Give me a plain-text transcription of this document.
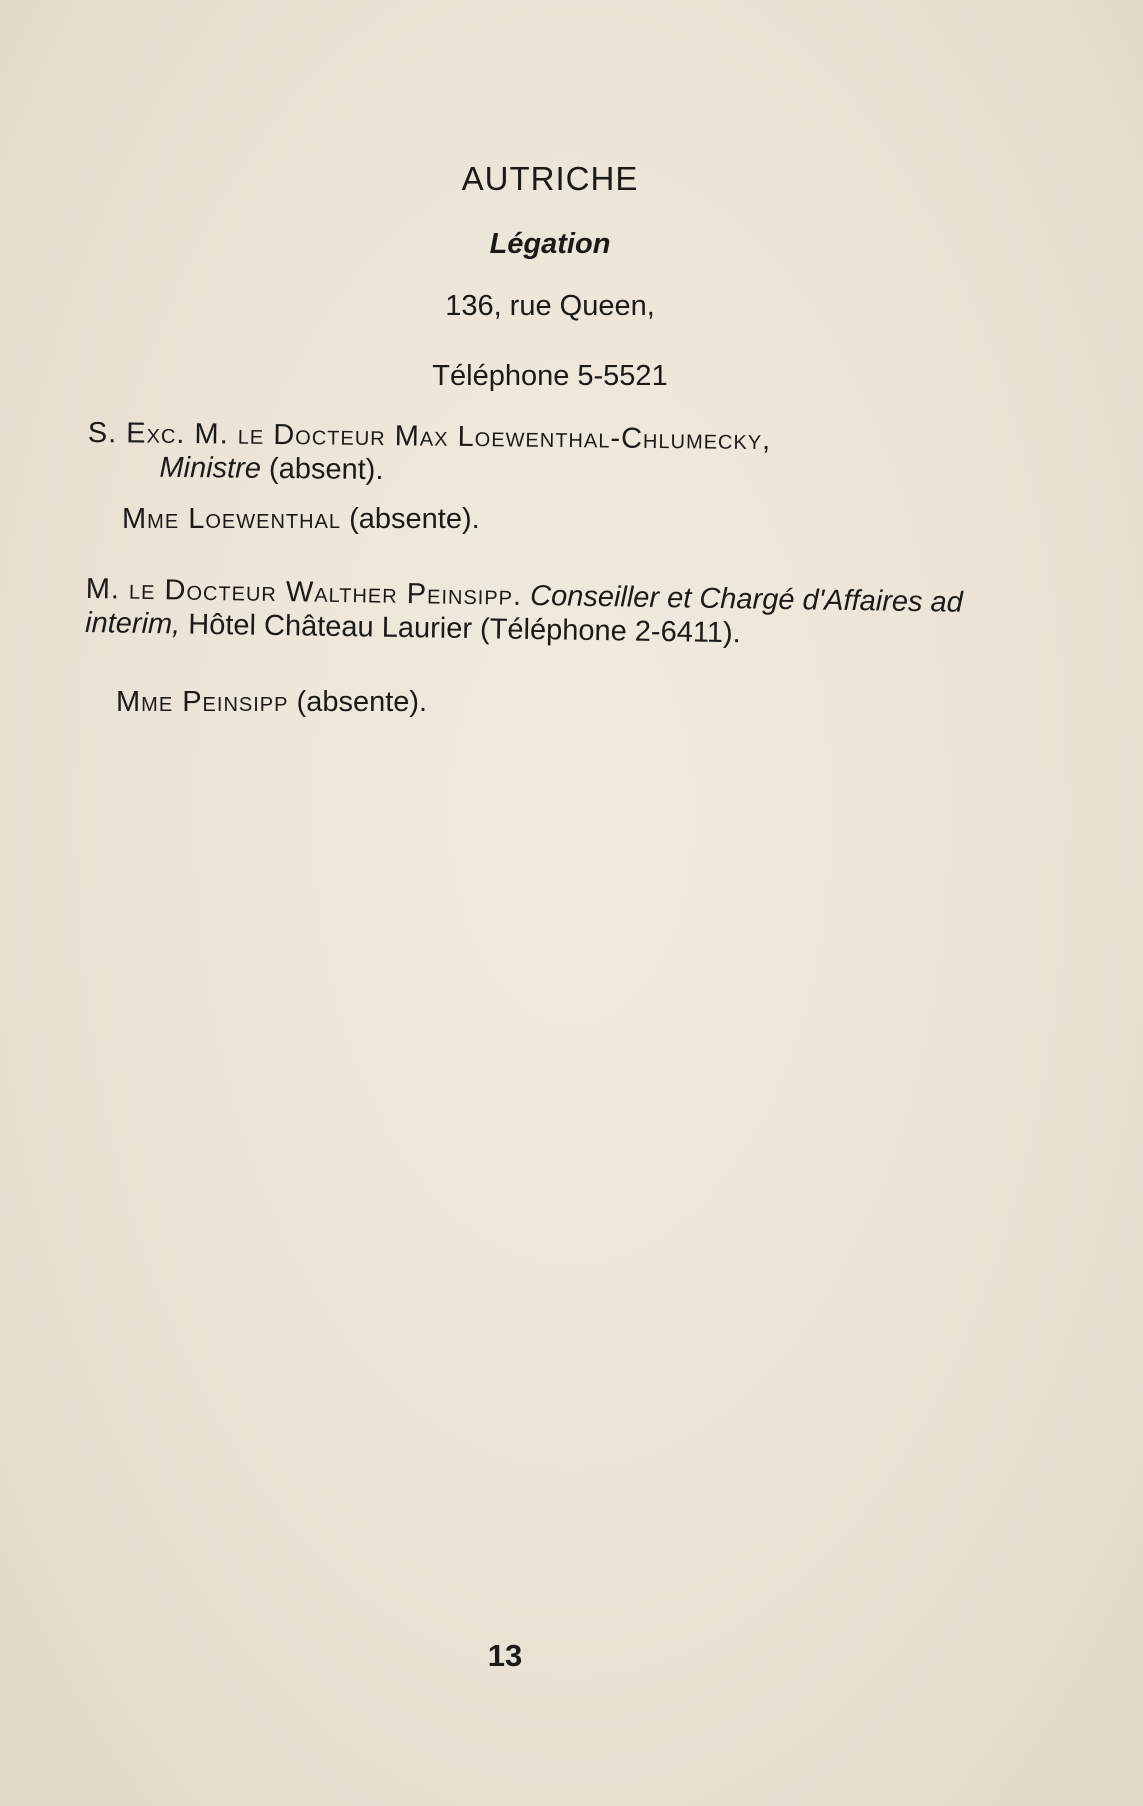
AUTRICHE
Légation
136, rue Queen,
Téléphone 5-5521
S. Exc. M. le Docteur Max Loewenthal-Chlumecky,
Ministre (absent).
Mme Loewenthal (absente).
M. le Docteur Walther Peinsipp. Conseiller et Chargé d'Affaires ad interim, Hôtel Château Laurier (Téléphone 2-6411).
Mme Peinsipp (absente).
13
